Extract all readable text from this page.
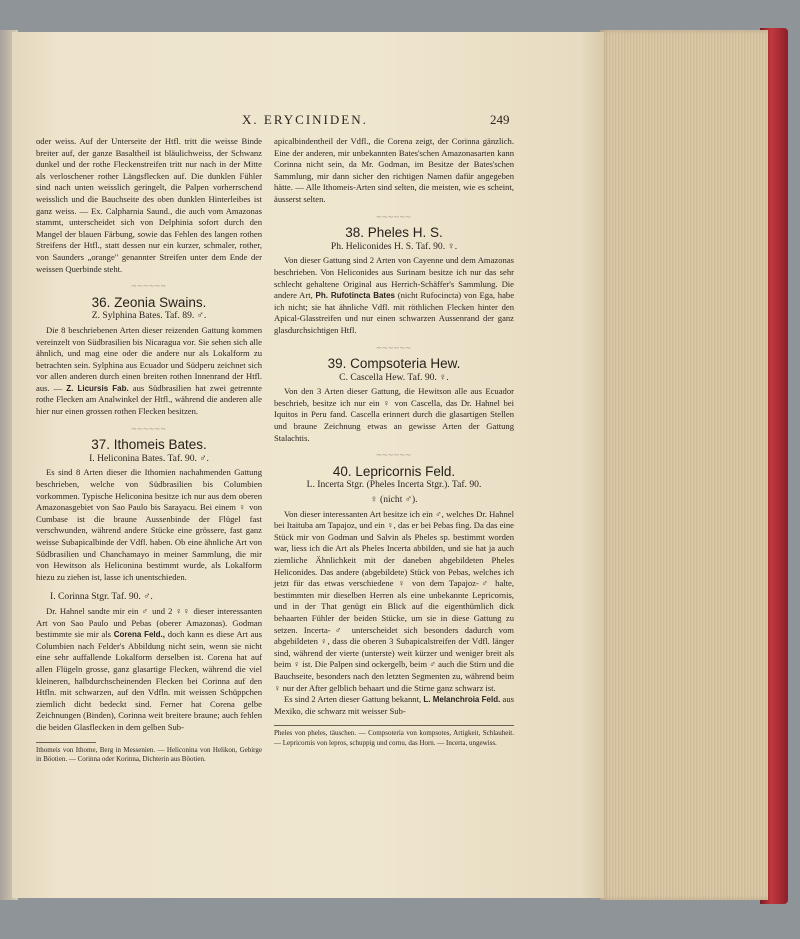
X. ERYCINIDEN.	249

oder weiss. Auf der Unterseite der Htfl. tritt die weisse Binde breiter auf, der ganze Basaltheil ist bläulichweiss, der Schwanz dunkel und der rothe Fleckenstreifen tritt nur nach in der Mitte als verloschener rother Längsflecken auf. Die dunklen Fühler sind nach unten weisslich geringelt, die Palpen vorherrschend weisslich und die Bauchseite des oben dunklen Hinterleibes ist ganz weiss. — Ex. Calpharnia Saund., die auch vom Amazonas stammt, unterscheidet sich von Delphinia sofort durch den Mangel der blauen Färbung, sowie das Fehlen des langen rothen Streifens der Htfl., statt dessen nur ein kurzer, schmaler, rother, von Saunders „orange" genannter Streifen unter dem Ende der weissen Querbinde steht.

~~~~~~
36. Zeonia Swains.
Z. Sylphina Bates. Taf. 89. ♂.

Die 8 beschriebenen Arten dieser reizenden Gattung kommen vereinzelt von Südbrasilien bis Nicaragua vor. Sie sehen sich alle ähnlich, und mag eine oder die andere nur als Lokalform zu betrachten sein. Sylphina aus Ecuador und Südperu zeichnet sich vor allen anderen durch einen breiten rothen Innenrand der Htfl. aus. — Z. Licursis Fab. aus Südbrasilien hat zwei getrennte rothe Flecken am Analwinkel der Htfl., während die anderen alle hier nur einen grossen rothen Flecken besitzen.

~~~~~~
37. Ithomeis Bates.
I. Heliconina Bates. Taf. 90. ♂.

Es sind 8 Arten dieser die Ithomien nachahmenden Gattung beschrieben, welche von Südbrasilien bis Columbien vorkommen. Typische Heliconina besitze ich nur aus dem oberen Amazonasgebiet von Sao Paulo bis Sarayacu. Bei einem ♀ von Cumbase ist die braune Aussenbinde der Flügel fast verschwunden, während andere Stücke eine grössere, fast ganz weisse Subapicalbinde der Vdfl. haben. Ob eine ähnliche Art von Südbrasilien und Chanchamayo in meiner Sammlung, die mir von Hewitson als Heliconina bestimmt wurde, als Lokalform hiezu zu ziehen ist, lasse ich unentschieden.

I. Corinna Stgr. Taf. 90. ♂.

Dr. Hahnel sandte mir ein ♂ und 2 ♀♀ dieser interessanten Art von Sao Paulo und Pebas (oberer Amazonas). Godman bestimmte sie mir als Corena Feld., doch kann es diese Art aus Columbien nach Felder's Abbildung nicht sein, wenn sie nicht eine sehr auffallende Lokalform derselben ist. Corena hat auf allen Flügeln grosse, ganz glasartige Flecken, während die viel kleineren, halbdurchscheinenden Flecken bei Corinna auf den Htfln. mit schwarzen, auf den Vdfln. mit weissen Schüppchen ziemlich dicht bedeckt sind. Ferner hat Corena gelbe Zeichnungen (Binden), Corinna weit breitere braune; auch fehlen die beiden Glasflecken in dem gelben Sub-

Ithomeis von Ithome, Berg in Messenien. — Heliconina von Helikon, Gebirge in Böotien. — Corinna oder Korinna, Dichterin aus Böotien.

apicalbindentheil der Vdfl., die Corena zeigt, der Corinna gänzlich. Eine der anderen, mir unbekannten Bates'schen Amazonasarten kann Corinna nicht sein, da Mr. Godman, im Besitze der Bates'schen Sammlung, mir dann sicher den richtigen Namen dafür angegeben hätte. — Alle Ithomeis-Arten sind selten, die meisten, wie es scheint, äusserst selten.

~~~~~~
38. Pheles H. S.
Ph. Heliconides H. S. Taf. 90. ♀.

Von dieser Gattung sind 2 Arten von Cayenne und dem Amazonas beschrieben. Von Heliconides aus Surinam besitze ich nur das sehr schlecht gehaltene Original aus Herrich-Schäffer's Sammlung. Die andere Art, Ph. Rufotincta Bates (nicht Rufocincta) von Ega, habe ich nicht; sie hat ähnliche Vdfl. mit röthlichen Flecken hinter den Apical-Glasstreifen und nur einen schwarzen Aussenrand der ganz glasdurchsichtigen Htfl.

~~~~~~
39. Compsoteria Hew.
C. Cascella Hew. Taf. 90. ♀.

Von den 3 Arten dieser Gattung, die Hewitson alle aus Ecuador beschrieb, besitze ich nur ein ♀ von Cascella, das Dr. Hahnel bei Iquitos in Peru fand. Cascella erinnert durch die glasartigen Stellen und braune Zeichnung etwas an gewisse Arten der Gattung Stalachtis.

~~~~~~
40. Lepricornis Feld.
L. Incerta Stgr. (Pheles Incerta Stgr.). Taf. 90.
♀ (nicht ♂).

Von dieser interessanten Art besitze ich ein ♂, welches Dr. Hahnel bei Itaituba am Tapajoz, und ein ♀, das er bei Pebas fing. Da das eine Stück mir von Godman und Salvin als Pheles sp. bestimmt worden war, liess ich die Art als Pheles Incerta abbilden, und sie hat ja auch ziemliche Ähnlichkeit mit der daneben abgebildeten Pheles Heliconides. Das andere (abgebildete) Stück von Pebas, welches ich jetzt für das etwas verschiedene ♀ von dem Tapajoz-♂ halte, bestimmten mir dieselben Herren als eine unbekannte Lepricornis, und in der That genügt ein Blick auf die eigenthümlich dick behaarten Fühler der beiden Stücke, um sie in diese Gattung zu setzen. Incerta-♂ unterscheidet sich besonders dadurch vom abgebildeten ♀, dass die oberen 3 Subapicalstreifen der Vdfl. länger sind, während der vierte (unterste) weit kürzer und weniger breit als beim ♀ ist. Die Palpen sind ockergelb, beim ♂ auch die Stirn und die Bauchseite, besonders nach den letzten Segmenten zu, während beim ♀ nur der After gelblich behaart und die Stirne ganz schwarz ist.

Es sind 2 Arten dieser Gattung bekannt, L. Melanchroia Feld. aus Mexiko, die schwarz mit weisser Sub-

Pheles von pheles, täuschen. — Compsoteria von kompsotes, Artigkeit, Schlauheit. — Lepricornis von lepros, schuppig und cornu, das Horn. — Incerta, ungewiss.
